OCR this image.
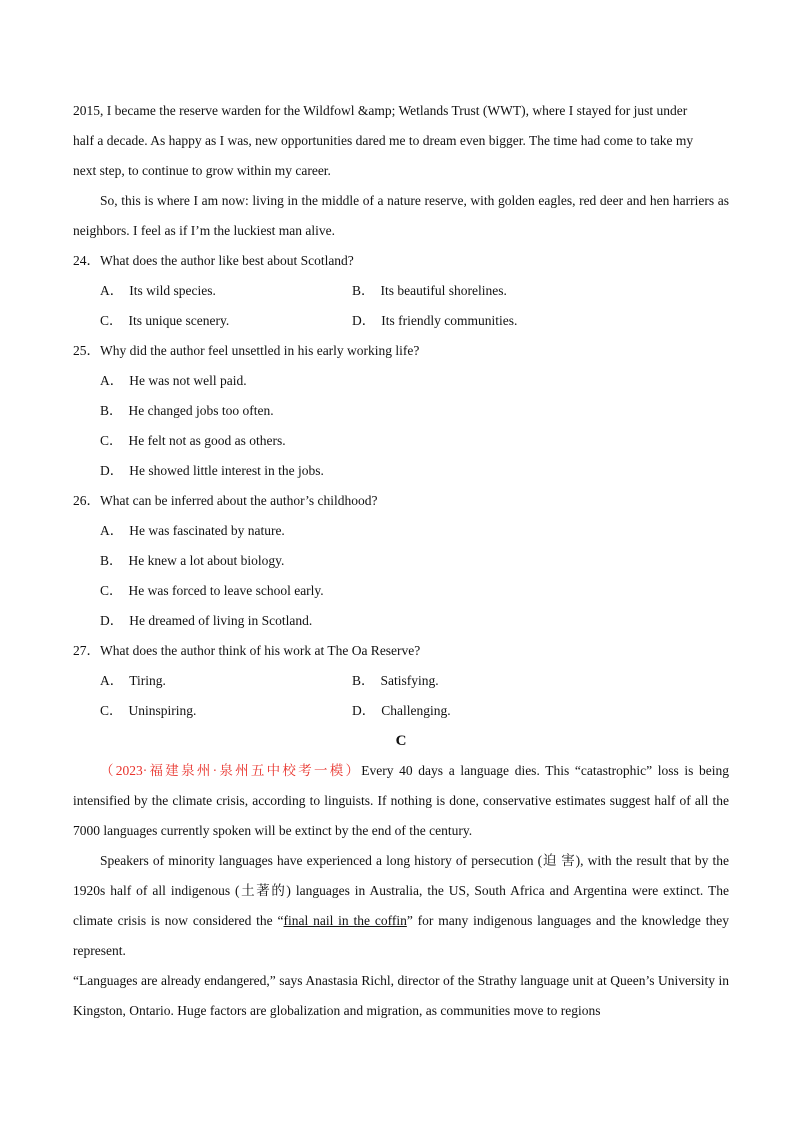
2015, I became the reserve warden for the Wildfowl &amp; Wetlands Trust (WWT), where I stayed for just under
half a decade. As happy as I was, new opportunities dared me to dream even bigger. The time had come to take my
next step, to continue to grow within my career.

So, this is where I am now: living in the middle of a nature reserve, with golden eagles, red deer and hen harriers as neighbors. I feel as if I’m the luckiest man alive.

24．What does the author like best about Scotland?
A． Its wild species.	B． Its beautiful shorelines.
C． Its unique scenery.	D． Its friendly communities.
25．Why did the author feel unsettled in his early working life?
A． He was not well paid.
B． He changed jobs too often.
C． He felt not as good as others.
D． He showed little interest in the jobs.
26．What can be inferred about the author’s childhood?
A． He was fascinated by nature.
B． He knew a lot about biology.
C． He was forced to leave school early.
D． He dreamed of living in Scotland.
27．What does the author think of his work at The Oa Reserve?
A． Tiring.	B． Satisfying.
C． Uninspiring.	D． Challenging.
C

（2023·福建泉州·泉州五中校考一模）Every 40 days a language dies. This “catastrophic” loss is being intensified by the climate crisis, according to linguists. If nothing is done, conservative estimates suggest half of all the 7000 languages currently spoken will be extinct by the end of the century.

Speakers of minority languages have experienced a long history of persecution (迫 害), with the result that by the 1920s half of all indigenous (土著的) languages in Australia, the US, South Africa and Argentina were extinct. The climate crisis is now considered the “final nail in the coffin” for many indigenous languages and the knowledge they represent.

“Languages are already endangered,” says Anastasia Richl, director of the Strathy language unit at Queen’s University in Kingston, Ontario. Huge factors are globalization and migration, as communities move to regions
